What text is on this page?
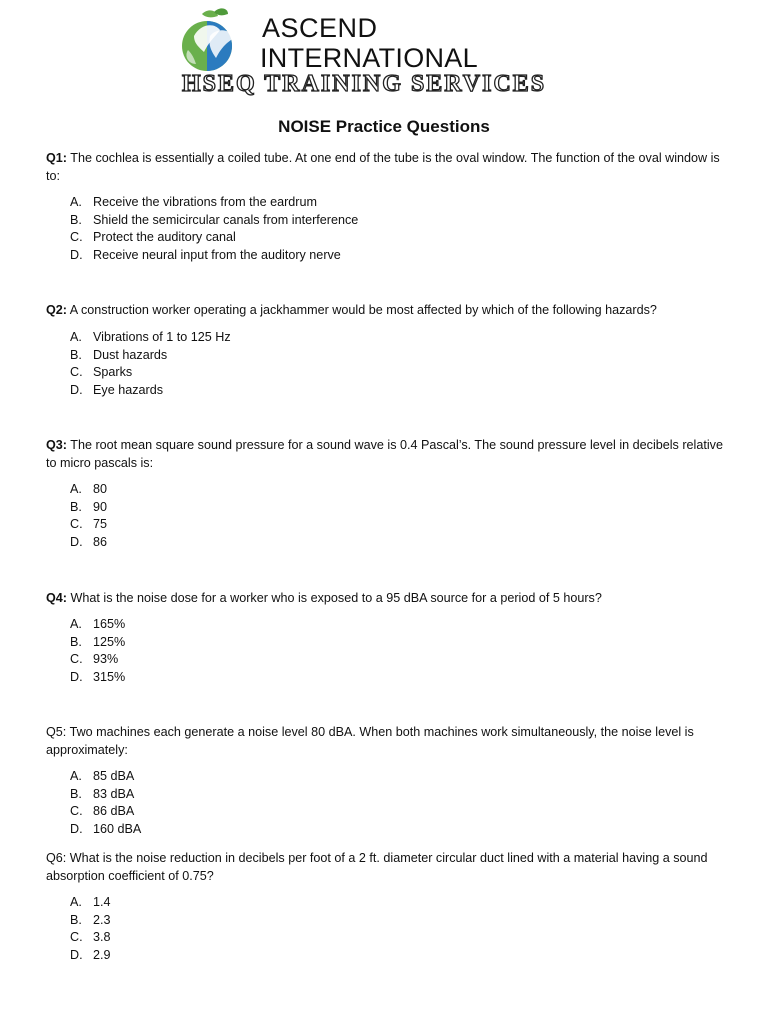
ASCEND
INTERNATIONAL
HSEQ TRAINING SERVICES
NOISE Practice Questions
Q1: The cochlea is essentially a coiled tube. At one end of the tube is the oval window. The function of the oval window is to:
A. Receive the vibrations from the eardrum
B. Shield the semicircular canals from interference
C. Protect the auditory canal
D. Receive neural input from the auditory nerve
Q2: A construction worker operating a jackhammer would be most affected by which of the following hazards?
A. Vibrations of 1 to 125 Hz
B. Dust hazards
C. Sparks
D. Eye hazards
Q3: The root mean square sound pressure for a sound wave is 0.4 Pascal’s. The sound pressure level in decibels relative to micro pascals is:
A. 80
B. 90
C. 75
D. 86
Q4: What is the noise dose for a worker who is exposed to a 95 dBA source for a period of 5 hours?
A. 165%
B. 125%
C. 93%
D. 315%
Q5: Two machines each generate a noise level 80 dBA. When both machines work simultaneously, the noise level is approximately:
A. 85 dBA
B. 83 dBA
C. 86 dBA
D. 160 dBA
Q6: What is the noise reduction in decibels per foot of a 2 ft. diameter circular duct lined with a material having a sound absorption coefficient of 0.75?
A. 1.4
B. 2.3
C. 3.8
D. 2.9
